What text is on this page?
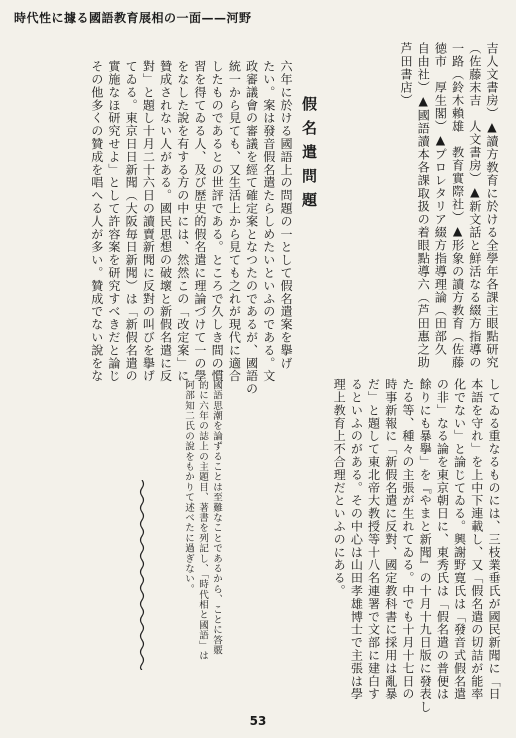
時代性に據る國語教育展相の一面——河野

吉人文書房）▲讀方教育に於ける全學年各課主眼點研究

（佐藤末吉　人文書房）▲新文話と鮮活なる綴方指導の

一路（鈴木賴雄　教育實際社）▲形象の讀方教育（佐藤

徳市　厚生閣）▲プロレタリア綴方指導理論（田部久

自由社）▲國語讀本各課取扱の着眼點導六（芦田惠之助

芦田書店）

假名遣問題

六年に於ける國語上の問題の一として假名遣案を擧げ

たい。案は發音假名遣たらしめたいといふのである。文

政審議會の審議を經て確定案となつたのであるが、國語の

統一から見ても、又生活上から見ても之れが現代に適合

したものであるとの世評である。ところで久しき間の慣

習を得てゐる人、及び歴史的假名遣に理論づけて一の學

をなした說を有する方の中には、然然この「改定案」に

贊成されない人がある。國民思想の破壞と新假名遣に反

對」と題し十月二十六日の讀賣新聞に反對の叫びを擧げ

てゐる。東京日日新聞（大阪毎日新聞）は「新假名遣の

實施なほ研究せよ」として許容案を研究すべきだと論じ

その他多くの贊成を唱へる人が多い。贊成でない說をな

してゐる重なるものには、三枝業垂氏が國民新聞に「日

本語を守れ」を上中下連載し、又「假名遣の切詰が能率

化でない」と論じてゐる。興謝野寛氏は「發音式假名遣

の非」なる論を東京朝日に、東秀氏は「假名遣の普便は

餘りにも暴擧」を『やまと新聞』の十月十九日版に發表し

たる等、種々の主張が生れてゐる。中でも十月十七日の

時事新報に「新假名遣に反對、國定教科書に採用は亂暴

だ」と題して東北帝大教授等十八名連署で文部に建白す

るといふのがある。その中心は山田孝雄博士で主張は學

理上教育上不合理だといふのにある。

國語思潮を論ずることは至難なことであるから、ことに答覈
的に六年の誌上の主題目、著書を列記し、「時代相と國語」は
阿部知二氏の說をもかりて述べたに過ぎない。
53
